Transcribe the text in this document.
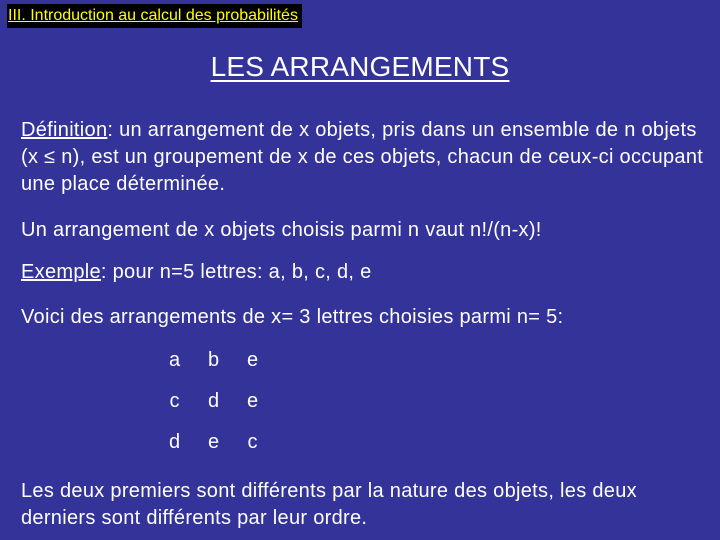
III. Introduction au calcul des probabilités
LES ARRANGEMENTS
Définition: un arrangement de x objets, pris dans un ensemble de n objets (x ≤ n), est un groupement de x de ces objets, chacun de ceux-ci occupant une place déterminée.
Un arrangement de x objets choisis parmi n vaut n!/(n-x)!
Exemple: pour n=5 lettres: a, b, c, d, e
Voici des arrangements de x= 3 lettres choisies parmi n= 5:
a	b	e
c	d	e
d	e	c
Les deux premiers sont différents par la nature des objets, les deux derniers sont différents par leur ordre.
